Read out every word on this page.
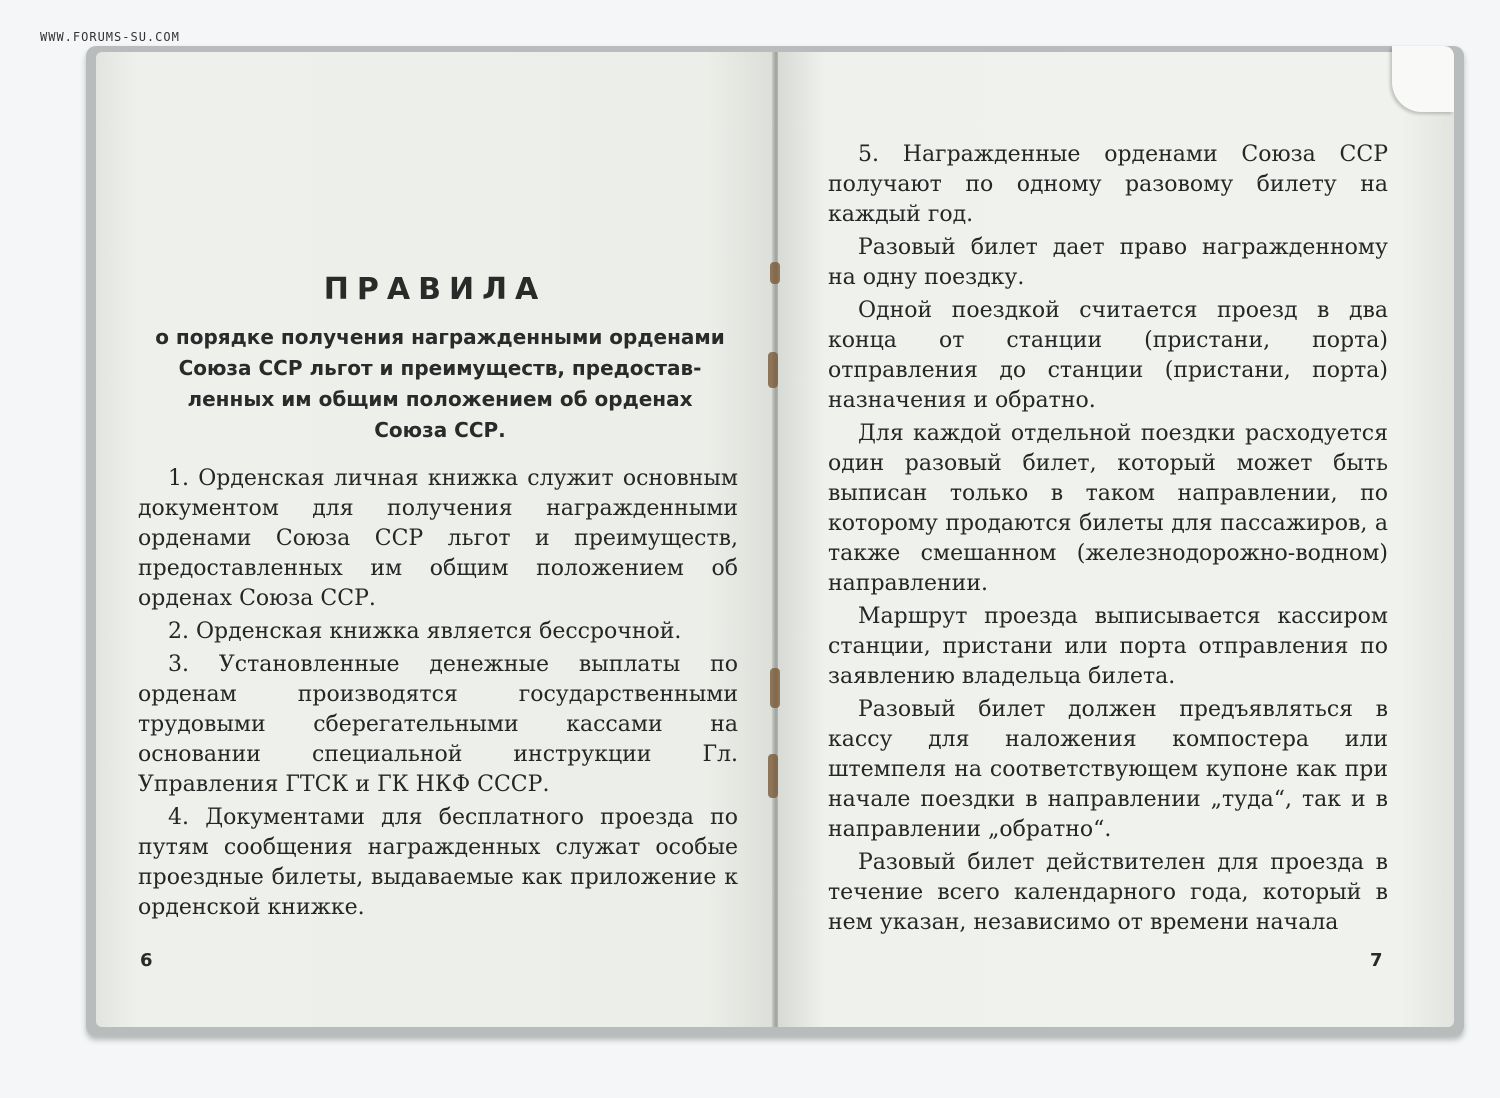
WWW.FORUMS-SU.COM
ПРАВИЛА
о порядке получения награжденными орденами
Союза ССР льгот и преимуществ, предостав-
ленных им общим положением об орденах
Союза ССР.

1. Орденская личная книжка служит основным документом для получения награжденными орденами Союза ССР льгот и преимуществ, предоставленных им общим положением об орденах Союза ССР.

2. Орденская книжка является бессрочной.

3. Установленные денежные выплаты по орденам производятся государственными трудовыми сберегательными кассами на основании специальной инструкции Гл. Управления ГТСК и ГК НКФ СССР.

4. Документами для бесплатного проезда по путям сообщения награжденных служат особые проездные билеты, выдаваемые как приложение к орденской книжке.

6

5. Награжденные орденами Союза ССР получают по одному разовому билету на каждый год.

Разовый билет дает право награжденному на одну поездку.

Одной поездкой считается проезд в два конца от станции (пристани, порта) отправления до станции (пристани, порта) назначения и обратно.

Для каждой отдельной поездки расходуется один разовый билет, который может быть выписан только в таком направлении, по которому продаются билеты для пассажиров, а также смешанном (железнодорожно-водном) направлении.

Маршрут проезда выписывается кассиром станции, пристани или порта отправления по заявлению владельца билета.

Разовый билет должен предъявляться в кассу для наложения компостера или штемпеля на соответствующем купоне как при начале поездки в направлении „туда“, так и в направлении „обратно“.

Разовый билет действителен для проезда в течение всего календарного года, который в нем указан, независимо от времени начала

7
